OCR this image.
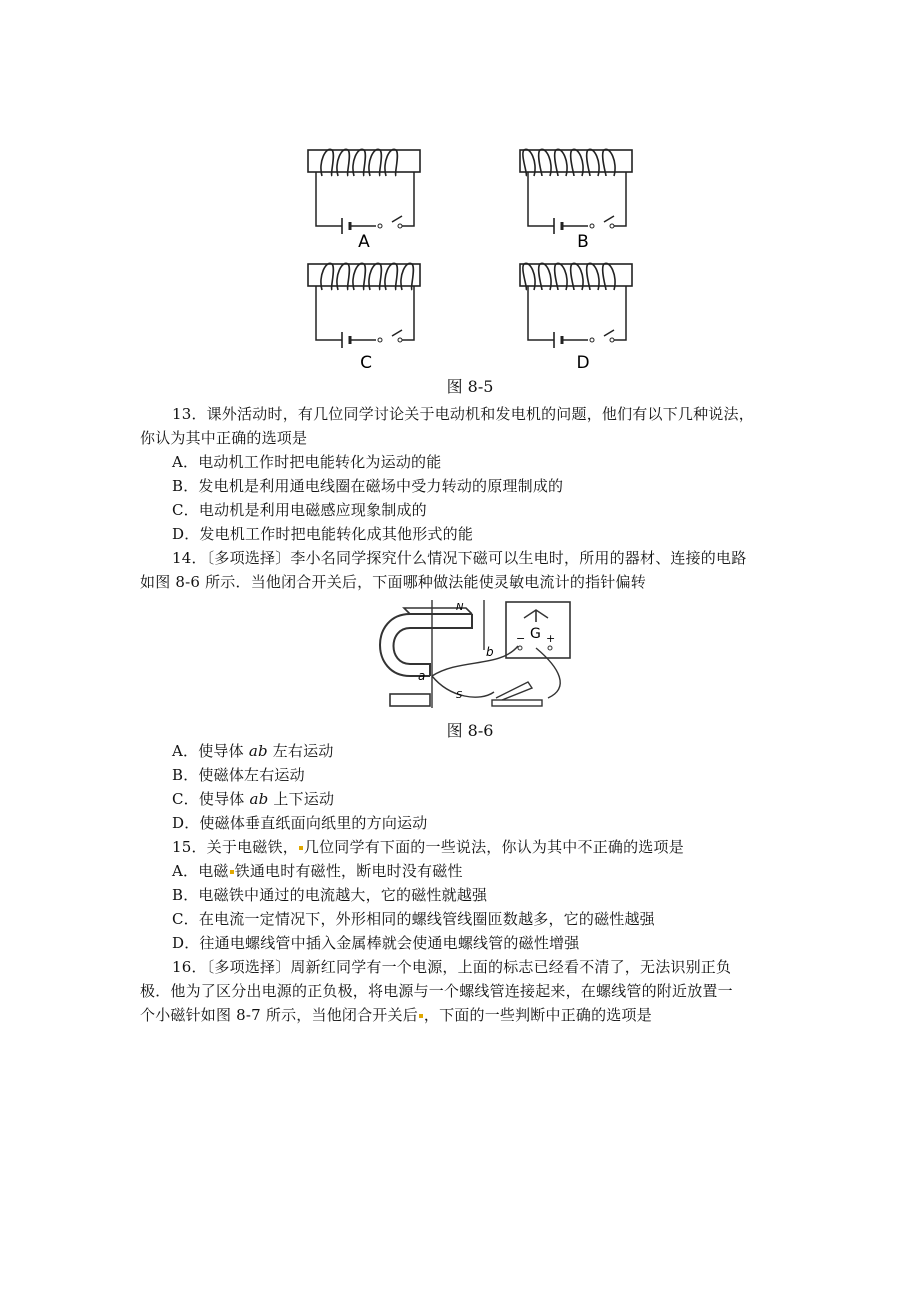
A	B
C	D
图 8-5
13．课外活动时，有几位同学讨论关于电动机和发电机的问题，他们有以下几种说法，
你认为其中正确的选项是
A．电动机工作时把电能转化为运动的能
B．发电机是利用通电线圈在磁场中受力转动的原理制成的
C．电动机是利用电磁感应现象制成的
D．发电机工作时把电能转化成其他形式的能
14．〔多项选择〕李小名同学探究什么情况下磁可以生电时，所用的器材、连接的电路
如图 8-6 所示．当他闭合开关后，下面哪种做法能使灵敏电流计的指针偏转
N
S
a
b
G
− +
图 8-6
A．使导体 ab 左右运动
B．使磁体左右运动
C．使导体 ab 上下运动
D．使磁体垂直纸面向纸里的方向运动
15．关于电磁铁， 几位同学有下面的一些说法，你认为其中不正确的选项是
A．电磁 铁通电时有磁性，断电时没有磁性
B．电磁铁中通过的电流越大，它的磁性就越强
C．在电流一定情况下，外形相同的螺线管线圈匝数越多，它的磁性越强
D．往通电螺线管中插入金属棒就会使通电螺线管的磁性增强
16．〔多项选择〕周新红同学有一个电源，上面的标志已经看不清了，无法识别正负
极．他为了区分出电源的正负极，将电源与一个螺线管连接起来，在螺线管的附近放置一
个小磁针如图 8-7 所示，当他闭合开关后 ，下面的一些判断中正确的选项是
